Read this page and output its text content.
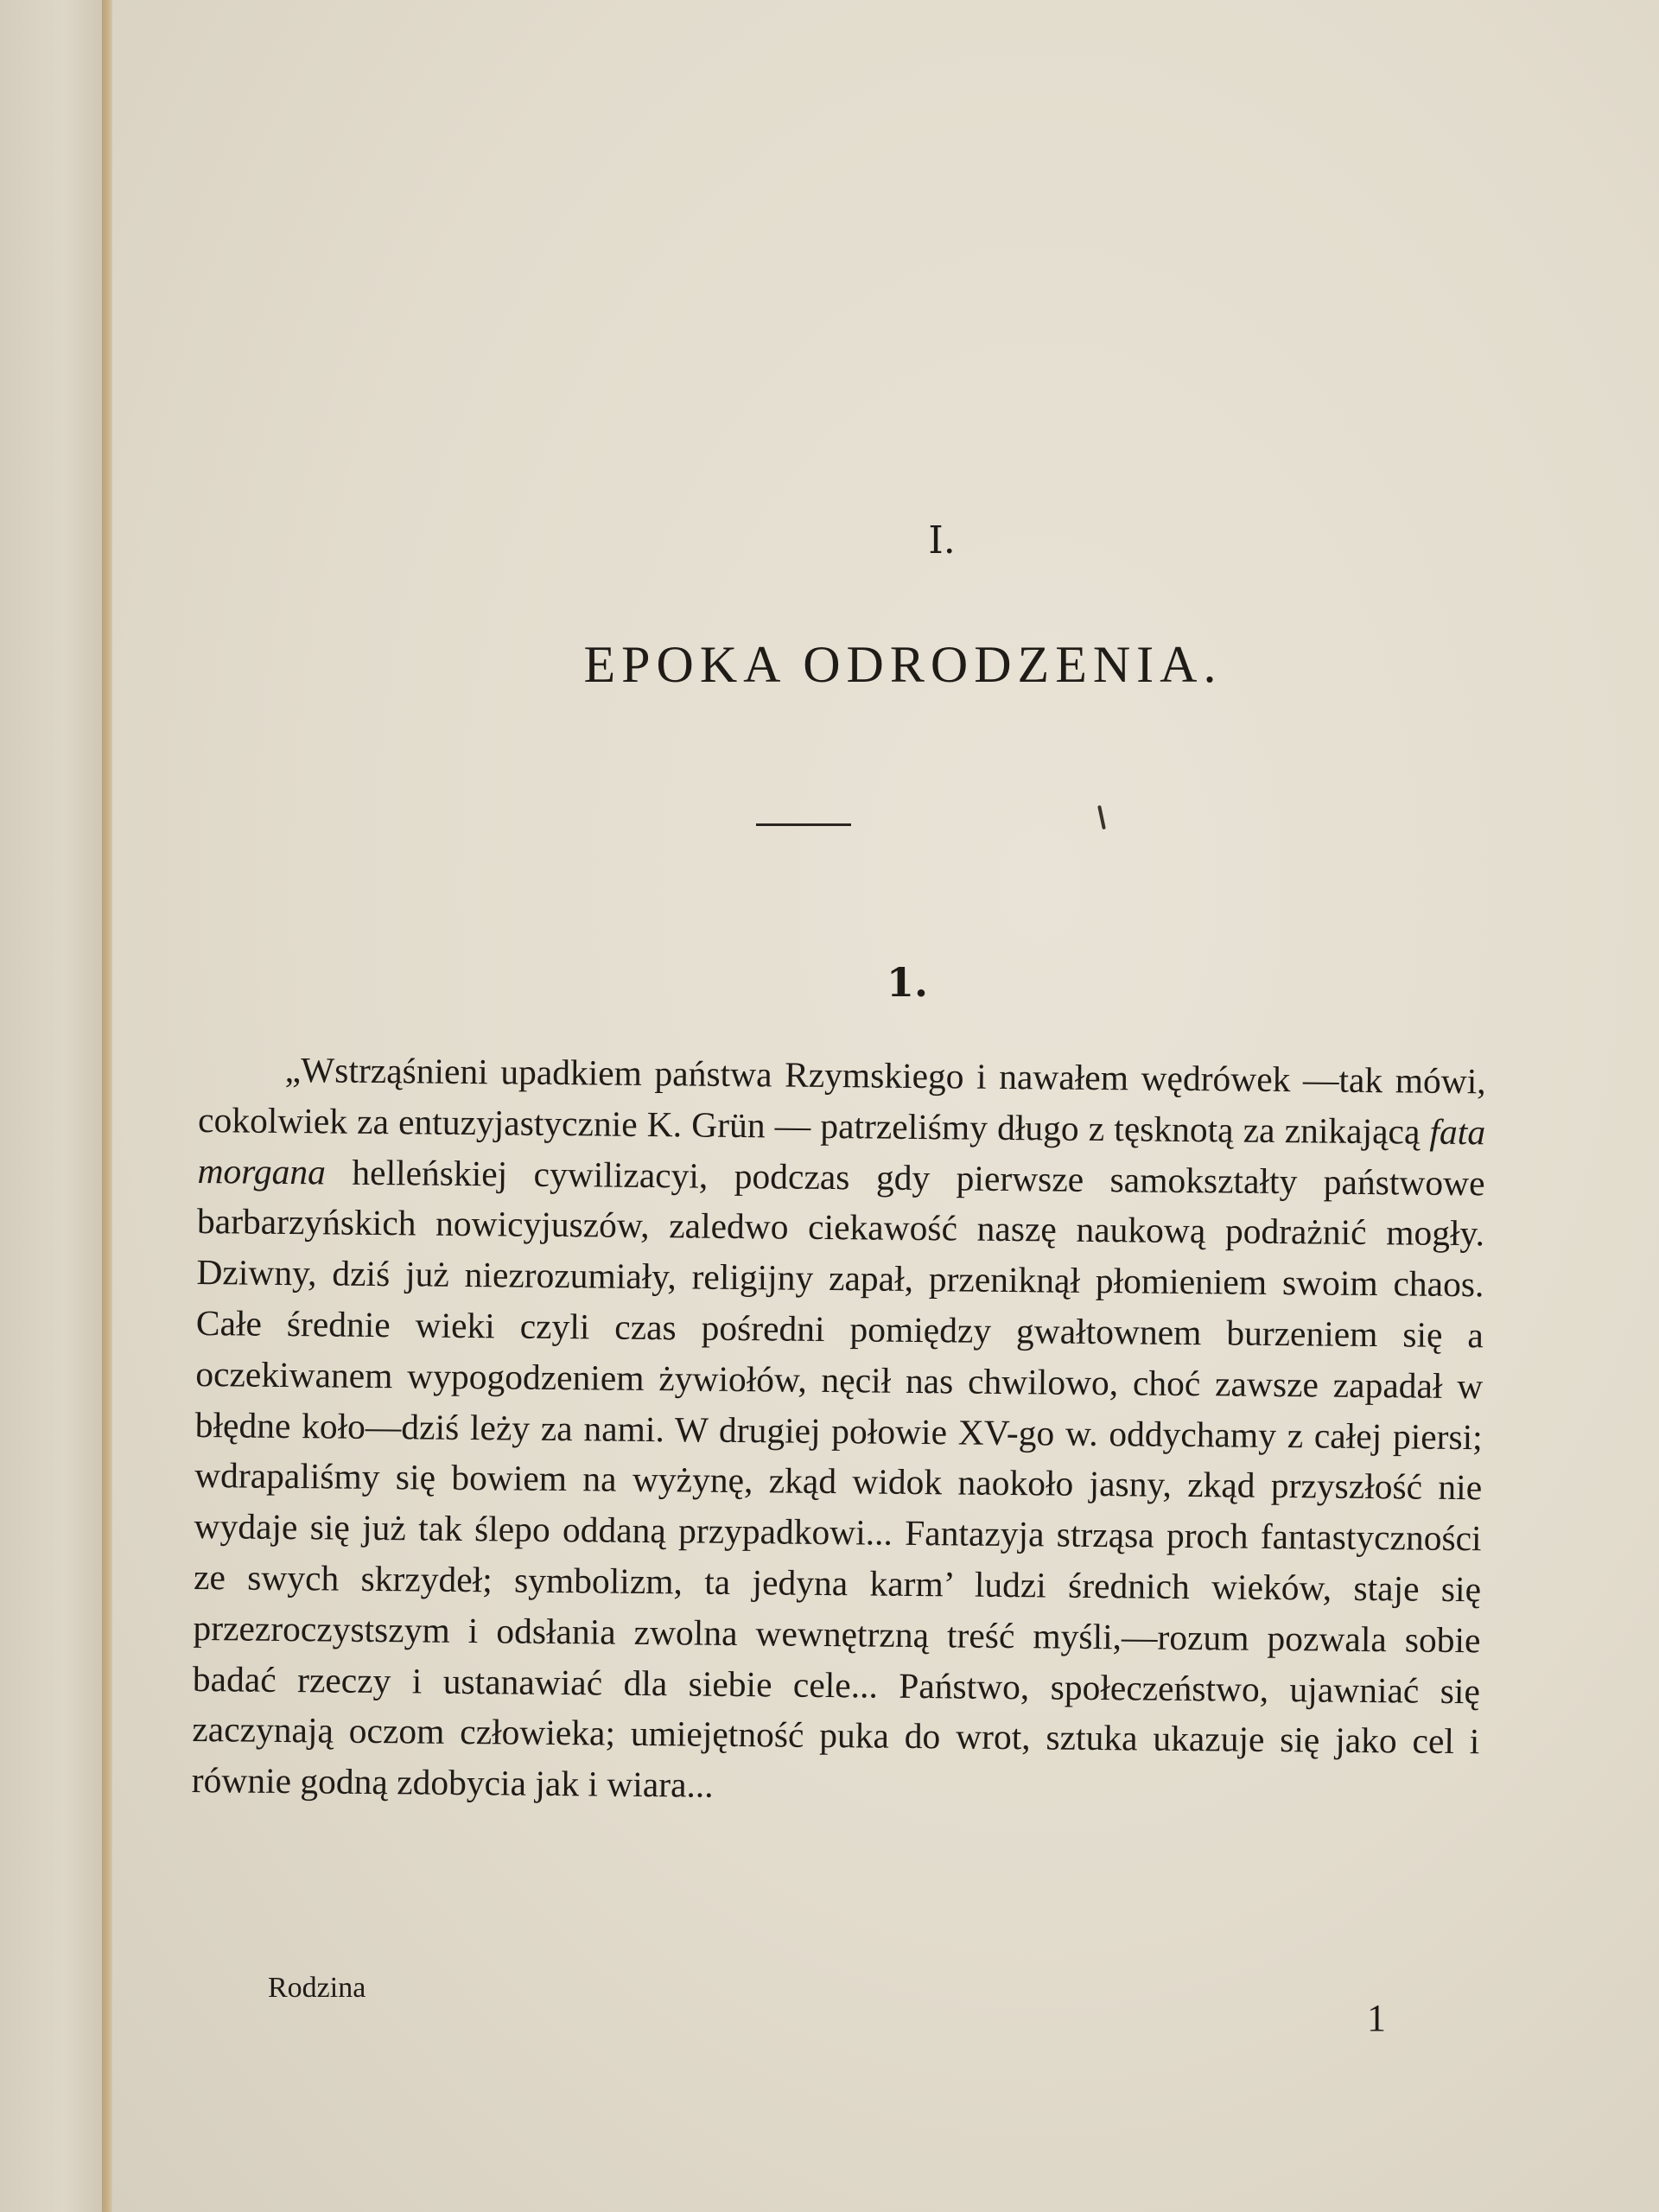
I.
EPOKA ODRODZENIA.
1.
„Wstrząśnieni upadkiem państwa Rzymskiego i nawałem wędrówek —tak mówi, cokolwiek za entuzyjastycznie K. Grün — patrzeliśmy długo z tęsknotą za znikającą fata morgana helleńskiej cywilizacyi, podczas gdy pierwsze samokształty państwowe barbarzyńskich nowicyjuszów, zaledwo ciekawość naszę naukową podrażnić mogły. Dziwny, dziś już niezrozumiały, religijny zapał, przeniknął płomieniem swoim chaos. Całe średnie wieki czyli czas pośredni pomiędzy gwałtownem burzeniem się a oczekiwanem wypogodzeniem żywiołów, nęcił nas chwilowo, choć zawsze zapadał w błędne koło—dziś leży za nami. W drugiej połowie XV-go w. oddychamy z całej piersi; wdrapaliśmy się bowiem na wyżynę, zkąd widok naokoło jasny, zkąd przyszłość nie wydaje się już tak ślepo oddaną przypadkowi... Fantazyja strząsa proch fantastyczności ze swych skrzydeł; symbolizm, ta jedyna karm’ ludzi średnich wieków, staje się przezroczystszym i odsłania zwolna wewnętrzną treść myśli,—rozum pozwala sobie badać rzeczy i ustanawiać dla siebie cele... Państwo, społeczeństwo, ujawniać się zaczynają oczom człowieka; umiejętność puka do wrot, sztuka ukazuje się jako cel i równie godną zdobycia jak i wiara...
Rodzina
1
